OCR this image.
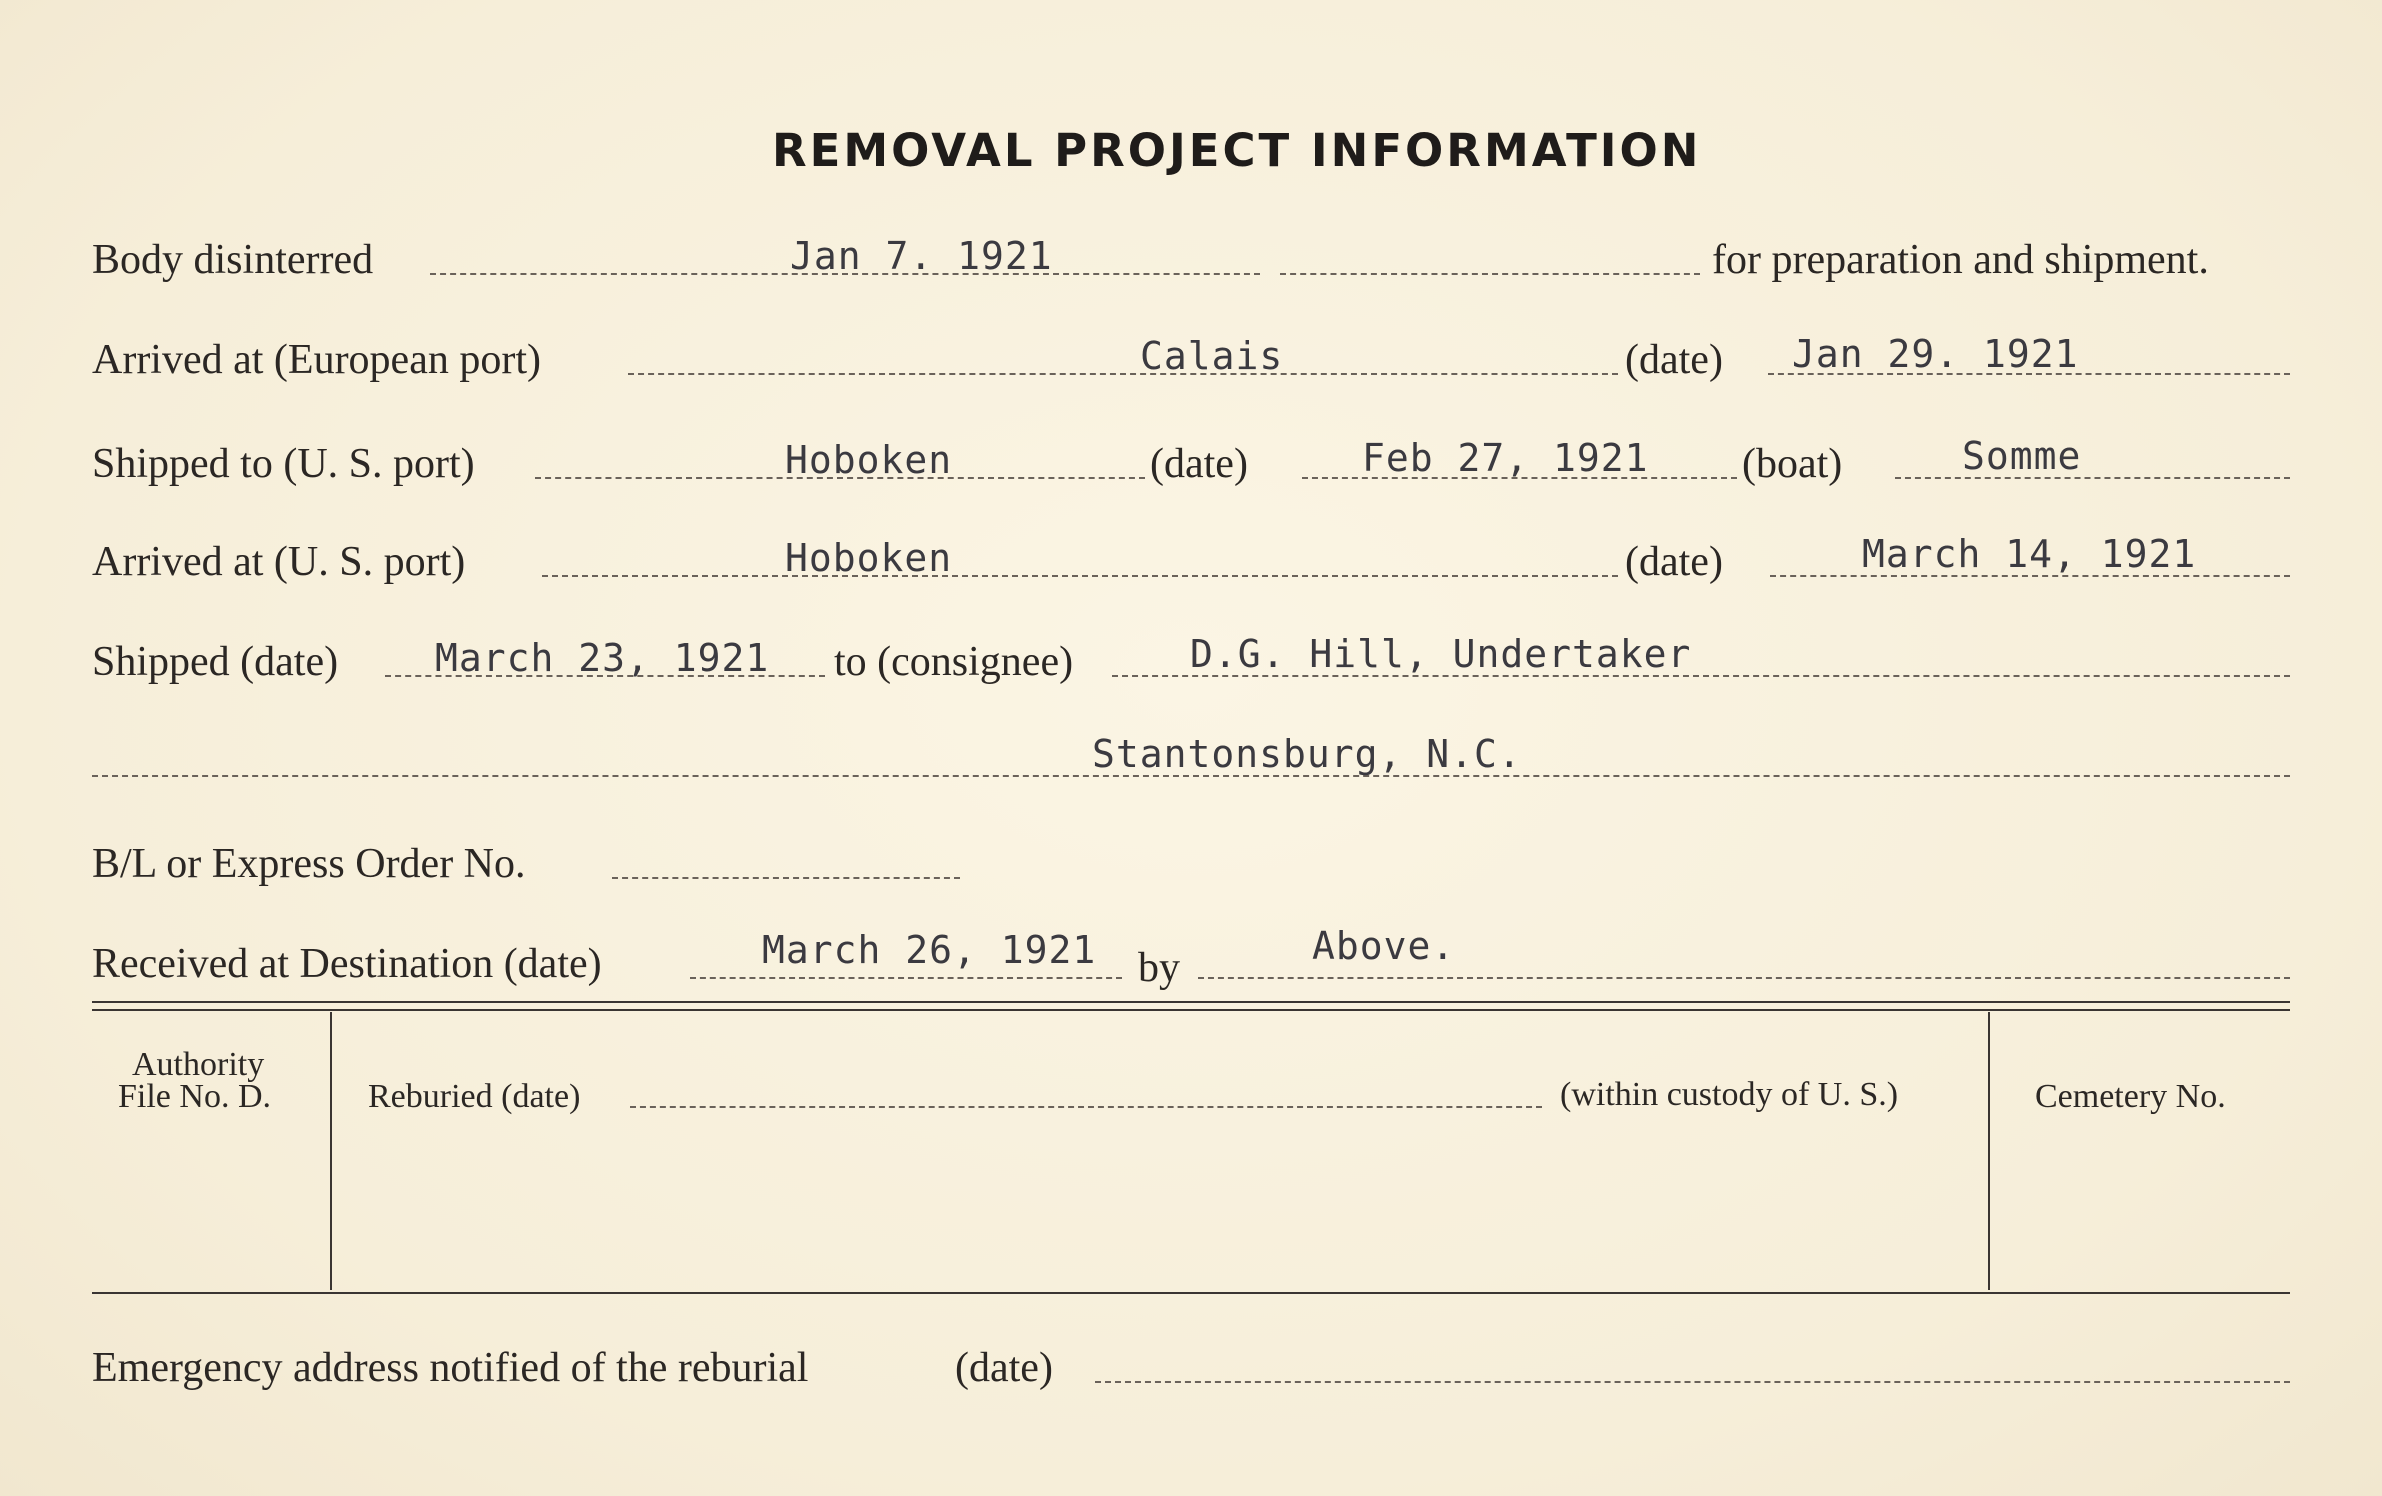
REMOVAL PROJECT INFORMATION
Body disinterred	Jan 7. 1921	for preparation and shipment.
Arrived at (European port)	Calais	(date) Jan 29. 1921
Shipped to (U. S. port)	Hoboken	(date)	Feb 27, 1921 (boat)	Somme
Arrived at (U. S. port)	Hoboken	(date)	March 14, 1921
Shipped (date)	March 23, 1921 to (consignee)	D.G. Hill, Undertaker
Stantonsburg, N.C.
B/L or Express Order No.
Received at Destination (date)	March 26, 1921 by	Above.
Authority
File No. D.	Reburied (date)	(within custody of U. S.)	Cemetery No.
Emergency address notified of the reburial	(date)
